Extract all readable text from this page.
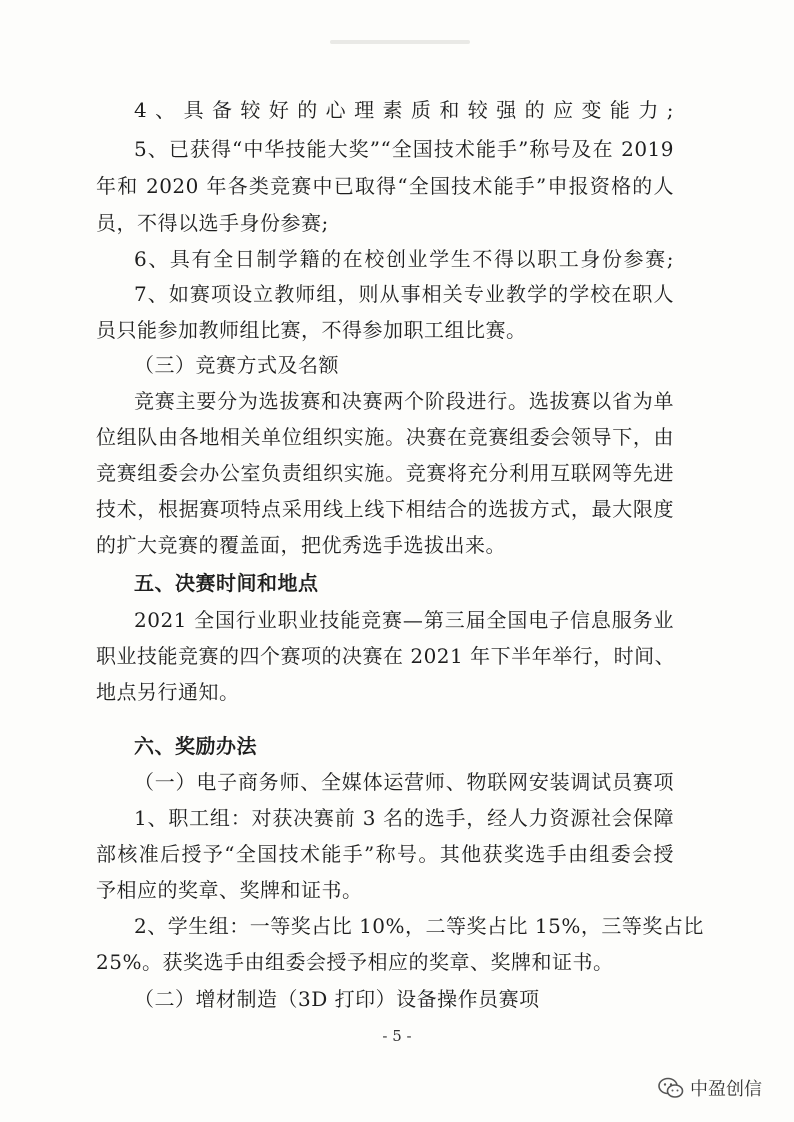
4、具备较好的心理素质和较强的应变能力;
5、已获得“中华技能大奖”“全国技术能手”称号及在 2019
年和 2020 年各类竞赛中已取得“全国技术能手”申报资格的人
员，不得以选手身份参赛;
6、具有全日制学籍的在校创业学生不得以职工身份参赛;
7、如赛项设立教师组，则从事相关专业教学的学校在职人
员只能参加教师组比赛，不得参加职工组比赛。
（三）竞赛方式及名额
竞赛主要分为选拔赛和决赛两个阶段进行。选拔赛以省为单
位组队由各地相关单位组织实施。决赛在竞赛组委会领导下，由
竞赛组委会办公室负责组织实施。竞赛将充分利用互联网等先进
技术，根据赛项特点采用线上线下相结合的选拔方式，最大限度
的扩大竞赛的覆盖面，把优秀选手选拔出来。
五、决赛时间和地点
2021 全国行业职业技能竞赛—第三届全国电子信息服务业
职业技能竞赛的四个赛项的决赛在 2021 年下半年举行，时间、
地点另行通知。
六、奖励办法
（一）电子商务师、全媒体运营师、物联网安装调试员赛项
1、职工组：对获决赛前 3 名的选手，经人力资源社会保障
部核准后授予“全国技术能手”称号。其他获奖选手由组委会授
予相应的奖章、奖牌和证书。
2、学生组：一等奖占比 10%，二等奖占比 15%，三等奖占比
25%。获奖选手由组委会授予相应的奖章、奖牌和证书。
（二）增材制造（3D 打印）设备操作员赛项
- 5 -
中盈创信
